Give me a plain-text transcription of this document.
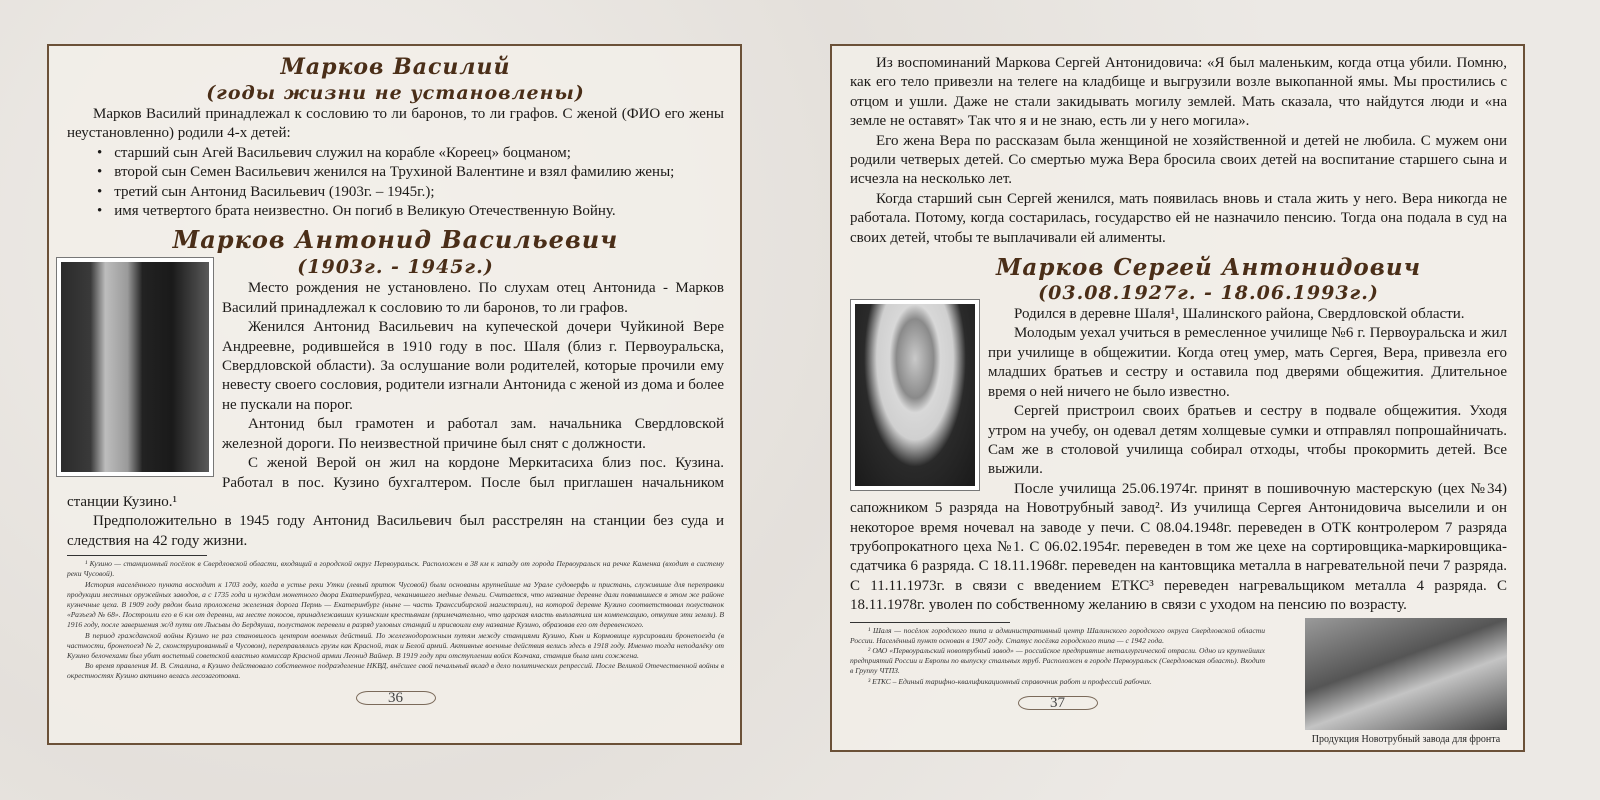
Марков Василий
(годы жизни не установлены)

Марков Василий принадлежал к сословию то ли баронов, то ли графов. С женой (ФИО его жены неустановленно) родили 4-х детей:

• старший сын Агей Васильевич служил на корабле «Кореец» боцманом;
• второй сын Семен Васильевич женился на Трухиной Валентине и взял фамилию жены;
• третий сын Антонид Васильевич (1903г. – 1945г.);
• имя четвертого брата неизвестно. Он погиб в Великую Отечественную Войну.
Марков Антонид Васильевич
(1903г. - 1945г.)

Место рождения не установлено. По слухам отец Антонида - Марков Василий принадлежал к сословию то ли баронов, то ли графов.

Женился Антонид Васильевич на купеческой дочери Чуйкиной Вере Андреевне, родившейся в 1910 году в пос. Шаля (близ г. Первоуральска, Свердловской области). За ослушание воли родителей, которые прочили ему невесту своего сословия, родители изгнали Антонида с женой из дома и более не пускали на порог.

Антонид был грамотен и работал зам. начальника Свердловской железной дороги. По неизвестной причине был снят с должности.

С женой Верой он жил на кордоне Меркитасиха близ пос. Кузина. Работал в пос. Кузино бухгалтером. После был приглашен начальником станции Кузино.¹

Предположительно в 1945 году Антонид Васильевич был расстрелян на станции без суда и следствия на 42 году жизни.

¹ Кузино — станционный посёлок в Свердловской области, входящий в городской округ Первоуральск. Расположен в 38 км к западу от города Первоуральск на речке Каменка (входит в систему реки Чусовой).

История населённого пункта восходит к 1703 году, когда в устье реки Утки (левый приток Чусовой) были основаны крупнейшие на Урале судоверфь и пристань, служившие для переправки продукции местных оружейных заводов, а с 1735 года и нуждам монетного двора Екатеринбурга, чеканившего медные деньги. Считается, что название деревне дали появившиеся в этом же районе кузнечные цеха. В 1909 году рядом была проложена железная дорога Пермь — Екатеринбург (ныне — часть Транссибирской магистрали), на которой деревне Кузино соответствовал полустанок «Разъезд № 68». Построили его в 6 км от деревни, на месте покосов, принадлежавших кузинским крестьянам (примечательно, что царская власть выплатила им компенсацию, откупив эти земли). В 1916 году, после завершения ж/д пути от Лысьвы до Бердяуша, полустанок перевели в разряд узловых станций и присвоили ему название Кузино, образовав его от деревенского.

В период гражданской войны Кузино не раз становилось центром военных действий. По железнодорожным путям между станциями Кузино, Кын и Кормовище курсировали бронепоезда (в частности, бронепоезд № 2, сконструированный в Чусовом), переправлялись грузы как Красной, так и Белой армий. Активные военные действия велись здесь в 1918 году. Именно тогда неподалёку от Кузино белочехами был убит воспетый советской властью комиссар Красной армии Леонид Вайнер. В 1919 году при отступлении войск Колчака, станция была ими сожжена.

Во время правления И. В. Сталина, в Кузино действовало собственное подразделение НКВД, внёсшее свой печальный вклад в дело политических репрессий. После Великой Отечественной войны в окрестностях Кузино активно велась лесозаготовка.

36

Из воспоминаний Маркова Сергей Антонидовича: «Я был маленьким, когда отца убили. Помню, как его тело привезли на телеге на кладбище и выгрузили возле выкопанной ямы. Мы простились с отцом и ушли. Даже не стали закидывать могилу землей. Мать сказала, что найдутся люди и «на земле не оставят» Так что я и не знаю, есть ли у него могила».

Его жена Вера по рассказам была женщиной не хозяйственной и детей не любила. С мужем они родили четверых детей. Со смертью мужа Вера бросила своих детей на воспитание старшего сына и исчезла на несколько лет.

Когда старший сын Сергей женился, мать появилась вновь и стала жить у него. Вера никогда не работала. Потому, когда состарилась, государство ей не назначило пенсию. Тогда она подала в суд на своих детей, чтобы те выплачивали ей алименты.

Марков Сергей Антонидович
(03.08.1927г. - 18.06.1993г.)

Родился в деревне Шаля¹, Шалинского района, Свердловской области.

Молодым уехал учиться в ремесленное училище №6 г. Первоуральска и жил при училище в общежитии. Когда отец умер, мать Сергея, Вера, привезла его младших братьев и сестру и оставила под дверями общежития. Длительное время о ней ничего не было известно.

Сергей пристроил своих братьев и сестру в подвале общежития. Уходя утром на учебу, он одевал детям холщевые сумки и отправлял попрошайничать. Сам же в столовой училища собирал отходы, чтобы прокормить детей. Все выжили.

После училища 25.06.1974г. принят в пошивочную мастерскую (цех №34) сапожником 5 разряда на Новотрубный завод². Из училища Сергея Антонидовича выселили и он некоторое время ночевал на заводе у печи. С 08.04.1948г. переведен в ОТК контролером 7 разряда трубопрокатного цеха №1. С 06.02.1954г. переведен в том же цехе на сортировщика-маркировщика-сдатчика 6 разряда. С 18.11.1968г. переведен на кантовщика металла в нагревательной печи 7 разряда. С 11.11.1973г. в связи с введением ЕТКС³ переведен нагревальщиком металла 4 разряда. С 18.11.1978г. уволен по собственному желанию в связи с уходом на пенсию по возрасту.

¹ Шаля — посёлок городского типа и административный центр Шалинского городского округа Свердловской области России. Населённый пункт основан в 1907 году. Статус посёлка городского типа — с 1942 года.

² ОАО «Первоуральский новотрубный завод» — российское предприятие металлургической отрасли. Одно из крупнейших предприятий России и Европы по выпуску стальных труб. Расположен в городе Первоуральск (Свердловская область). Входит в Группу ЧТПЗ.

³ ЕТКС – Единый тарифно-квалификационный справочник работ и профессий рабочих.

37
Продукция Новотрубный завода для фронта
